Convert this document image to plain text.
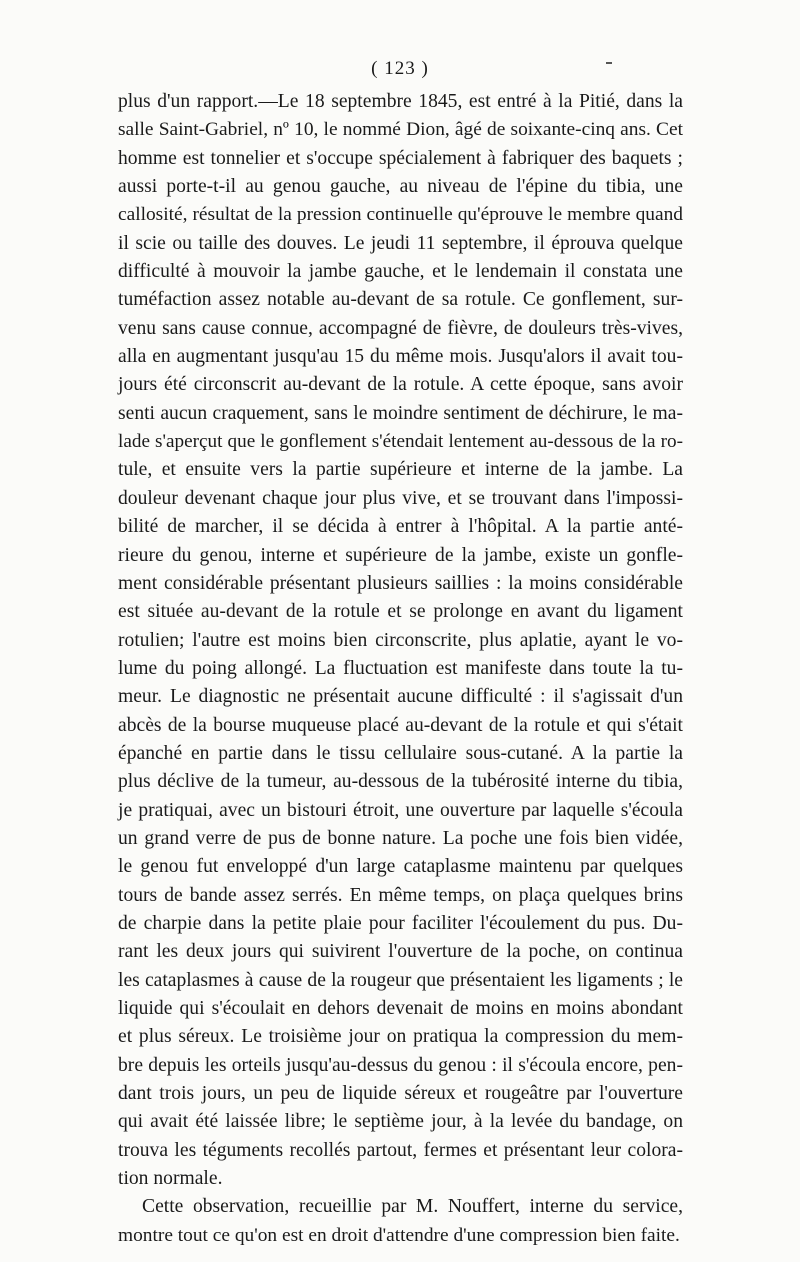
( 123 )
plus d'un rapport.—Le 18 septembre 1845, est entré à la Pitié, dans la
salle Saint-Gabriel, nº 10, le nommé Dion, âgé de soixante-cinq ans. Cet
homme est tonnelier et s'occupe spécialement à fabriquer des baquets ;
aussi porte-t-il au genou gauche, au niveau de l'épine du tibia, une
callosité, résultat de la pression continuelle qu'éprouve le membre quand
il scie ou taille des douves. Le jeudi 11 septembre, il éprouva quelque
difficulté à mouvoir la jambe gauche, et le lendemain il constata une
tuméfaction assez notable au-devant de sa rotule. Ce gonflement, sur-
venu sans cause connue, accompagné de fièvre, de douleurs très-vives,
alla en augmentant jusqu'au 15 du même mois. Jusqu'alors il avait tou-
jours été circonscrit au-devant de la rotule. A cette époque, sans avoir
senti aucun craquement, sans le moindre sentiment de déchirure, le ma-
lade s'aperçut que le gonflement s'étendait lentement au-dessous de la ro-
tule, et ensuite vers la partie supérieure et interne de la jambe. La
douleur devenant chaque jour plus vive, et se trouvant dans l'impossi-
bilité de marcher, il se décida à entrer à l'hôpital. A la partie anté-
rieure du genou, interne et supérieure de la jambe, existe un gonfle-
ment considérable présentant plusieurs saillies : la moins considérable
est située au-devant de la rotule et se prolonge en avant du ligament
rotulien; l'autre est moins bien circonscrite, plus aplatie, ayant le vo-
lume du poing allongé. La fluctuation est manifeste dans toute la tu-
meur. Le diagnostic ne présentait aucune difficulté : il s'agissait d'un
abcès de la bourse muqueuse placé au-devant de la rotule et qui s'était
épanché en partie dans le tissu cellulaire sous-cutané. A la partie la
plus déclive de la tumeur, au-dessous de la tubérosité interne du tibia,
je pratiquai, avec un bistouri étroit, une ouverture par laquelle s'écoula
un grand verre de pus de bonne nature. La poche une fois bien vidée,
le genou fut enveloppé d'un large cataplasme maintenu par quelques
tours de bande assez serrés. En même temps, on plaça quelques brins
de charpie dans la petite plaie pour faciliter l'écoulement du pus. Du-
rant les deux jours qui suivirent l'ouverture de la poche, on continua
les cataplasmes à cause de la rougeur que présentaient les ligaments ; le
liquide qui s'écoulait en dehors devenait de moins en moins abondant
et plus séreux. Le troisième jour on pratiqua la compression du mem-
bre depuis les orteils jusqu'au-dessus du genou : il s'écoula encore, pen-
dant trois jours, un peu de liquide séreux et rougeâtre par l'ouverture
qui avait été laissée libre; le septième jour, à la levée du bandage, on
trouva les téguments recollés partout, fermes et présentant leur colora-
tion normale.
Cette observation, recueillie par M. Nouffert, interne du service,
montre tout ce qu'on est en droit d'attendre d'une compression bien faite.
